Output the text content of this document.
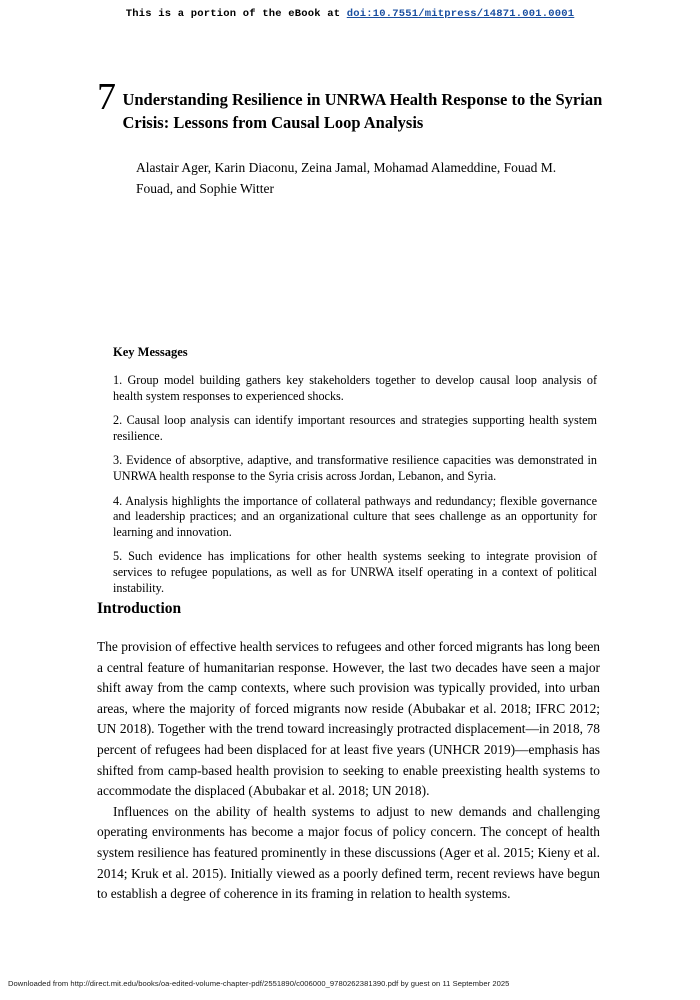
This is a portion of the eBook at doi:10.7551/mitpress/14871.001.0001
7 Understanding Resilience in UNRWA Health Response to the Syrian Crisis: Lessons from Causal Loop Analysis
Alastair Ager, Karin Diaconu, Zeina Jamal, Mohamad Alameddine, Fouad M. Fouad, and Sophie Witter
Key Messages
1. Group model building gathers key stakeholders together to develop causal loop analysis of health system responses to experienced shocks.
2. Causal loop analysis can identify important resources and strategies supporting health system resilience.
3. Evidence of absorptive, adaptive, and transformative resilience capacities was demonstrated in UNRWA health response to the Syria crisis across Jordan, Lebanon, and Syria.
4. Analysis highlights the importance of collateral pathways and redundancy; flexible governance and leadership practices; and an organizational culture that sees challenge as an opportunity for learning and innovation.
5. Such evidence has implications for other health systems seeking to integrate provision of services to refugee populations, as well as for UNRWA itself operating in a context of political instability.
Introduction

The provision of effective health services to refugees and other forced migrants has long been a central feature of humanitarian response. However, the last two decades have seen a major shift away from the camp contexts, where such provision was typically provided, into urban areas, where the majority of forced migrants now reside (Abubakar et al. 2018; IFRC 2012; UN 2018). Together with the trend toward increasingly protracted displacement—in 2018, 78 percent of refugees had been displaced for at least five years (UNHCR 2019)—emphasis has shifted from camp-based health provision to seeking to enable preexisting health systems to accommodate the displaced (Abubakar et al. 2018; UN 2018).

Influences on the ability of health systems to adjust to new demands and challenging operating environments has become a major focus of policy concern. The concept of health system resilience has featured prominently in these discussions (Ager et al. 2015; Kieny et al. 2014; Kruk et al. 2015). Initially viewed as a poorly defined term, recent reviews have begun to establish a degree of coherence in its framing in relation to health systems.

Downloaded from http://direct.mit.edu/books/oa-edited-volume-chapter-pdf/2551890/c006000_9780262381390.pdf by guest on 11 September 2025
